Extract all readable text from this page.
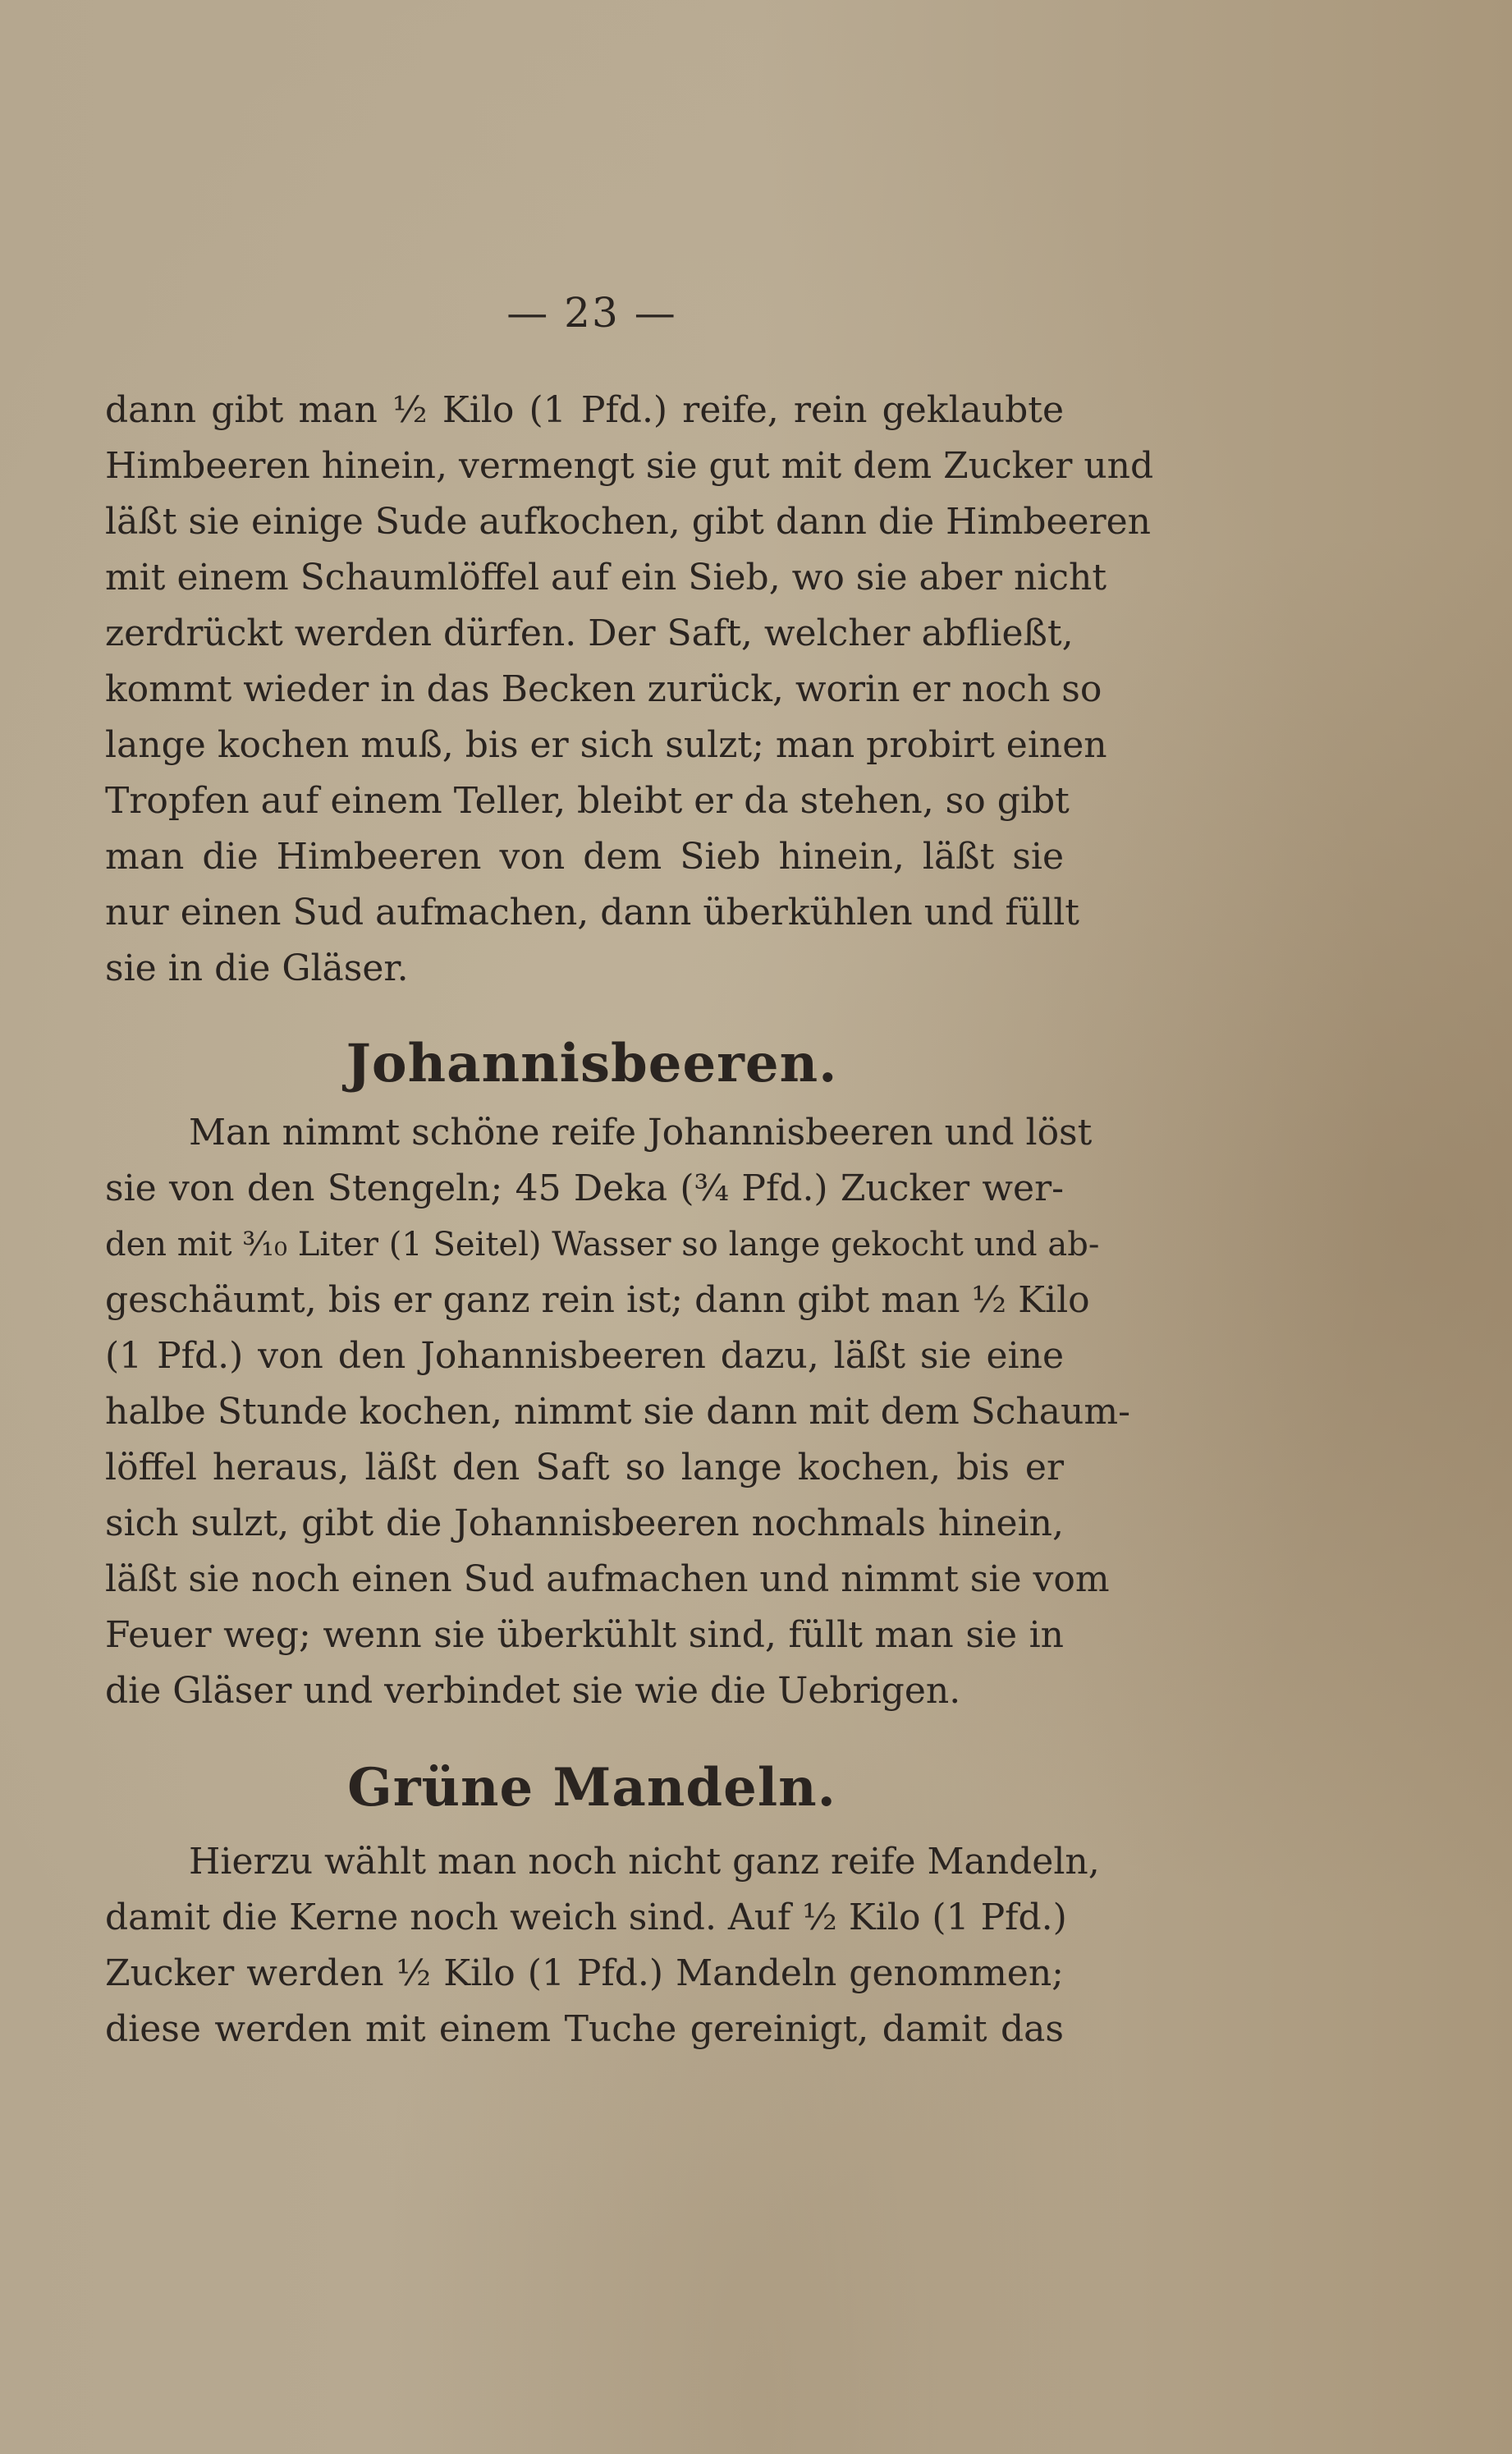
— 23 —
dann gibt man ½ Kilo (1 Pfd.) reife, rein geklaubte
Himbeeren hinein, vermengt sie gut mit dem Zucker und
läßt sie einige Sude aufkochen, gibt dann die Himbeeren
mit einem Schaumlöffel auf ein Sieb, wo sie aber nicht
zerdrückt werden dürfen. Der Saft, welcher abfließt,
kommt wieder in das Becken zurück, worin er noch so
lange kochen muß, bis er sich sulzt; man probirt einen
Tropfen auf einem Teller, bleibt er da stehen, so gibt
man die Himbeeren von dem Sieb hinein, läßt sie
nur einen Sud aufmachen, dann überkühlen und füllt
sie in die Gläser.
Johannisbeeren.
Man nimmt schöne reife Johannisbeeren und löst
sie von den Stengeln; 45 Deka (¾ Pfd.) Zucker wer-
den mit ³⁄₁₀ Liter (1 Seitel) Wasser so lange gekocht und ab-
geschäumt, bis er ganz rein ist; dann gibt man ½ Kilo
(1 Pfd.) von den Johannisbeeren dazu, läßt sie eine
halbe Stunde kochen, nimmt sie dann mit dem Schaum-
löffel heraus, läßt den Saft so lange kochen, bis er
sich sulzt, gibt die Johannisbeeren nochmals hinein,
läßt sie noch einen Sud aufmachen und nimmt sie vom
Feuer weg; wenn sie überkühlt sind, füllt man sie in
die Gläser und verbindet sie wie die Uebrigen.
Grüne Mandeln.
Hierzu wählt man noch nicht ganz reife Mandeln,
damit die Kerne noch weich sind. Auf ½ Kilo (1 Pfd.)
Zucker werden ½ Kilo (1 Pfd.) Mandeln genommen;
diese werden mit einem Tuche gereinigt, damit das
